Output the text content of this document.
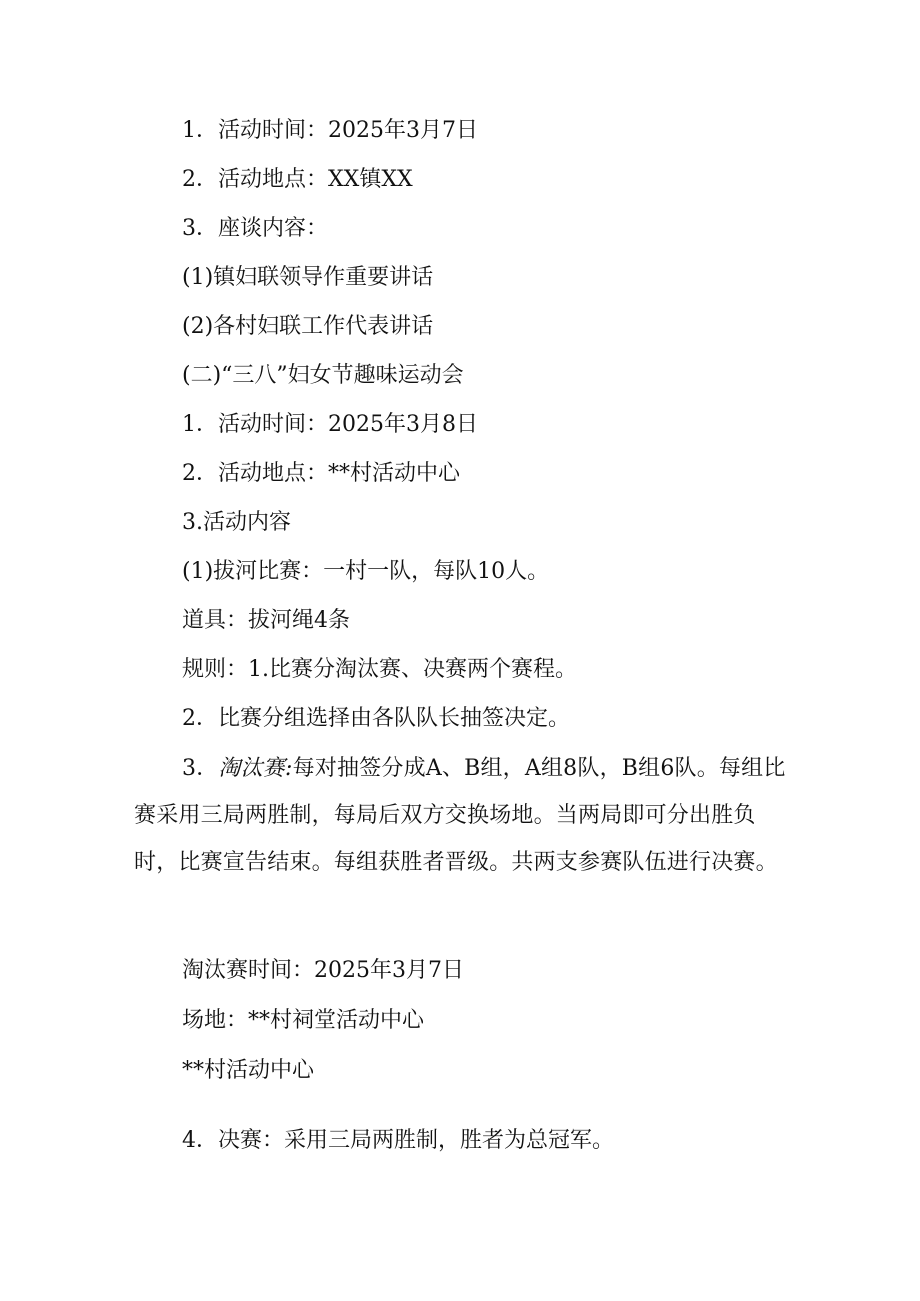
1．活动时间：2025年3月7日
2．活动地点：XX镇XX
3．座谈内容：
(1)镇妇联领导作重要讲话
(2)各村妇联工作代表讲话
(二)“三八”妇女节趣味运动会
1．活动时间：2025年3月8日
2．活动地点：**村活动中心
3.活动内容
(1)拔河比赛：一村一队，每队10人。
道具：拔河绳4条
规则：1.比赛分淘汰赛、决赛两个赛程。
2．比赛分组选择由各队队长抽签决定。
3．淘汰赛:每对抽签分成A、B组，A组8队，B组6队。每组比赛采用三局两胜制，每局后双方交换场地。当两局即可分出胜负时，比赛宣告结束。每组获胜者晋级。共两支参赛队伍进行决赛。
淘汰赛时间：2025年3月7日
场地：**村祠堂活动中心
**村活动中心
4．决赛：采用三局两胜制，胜者为总冠军。
